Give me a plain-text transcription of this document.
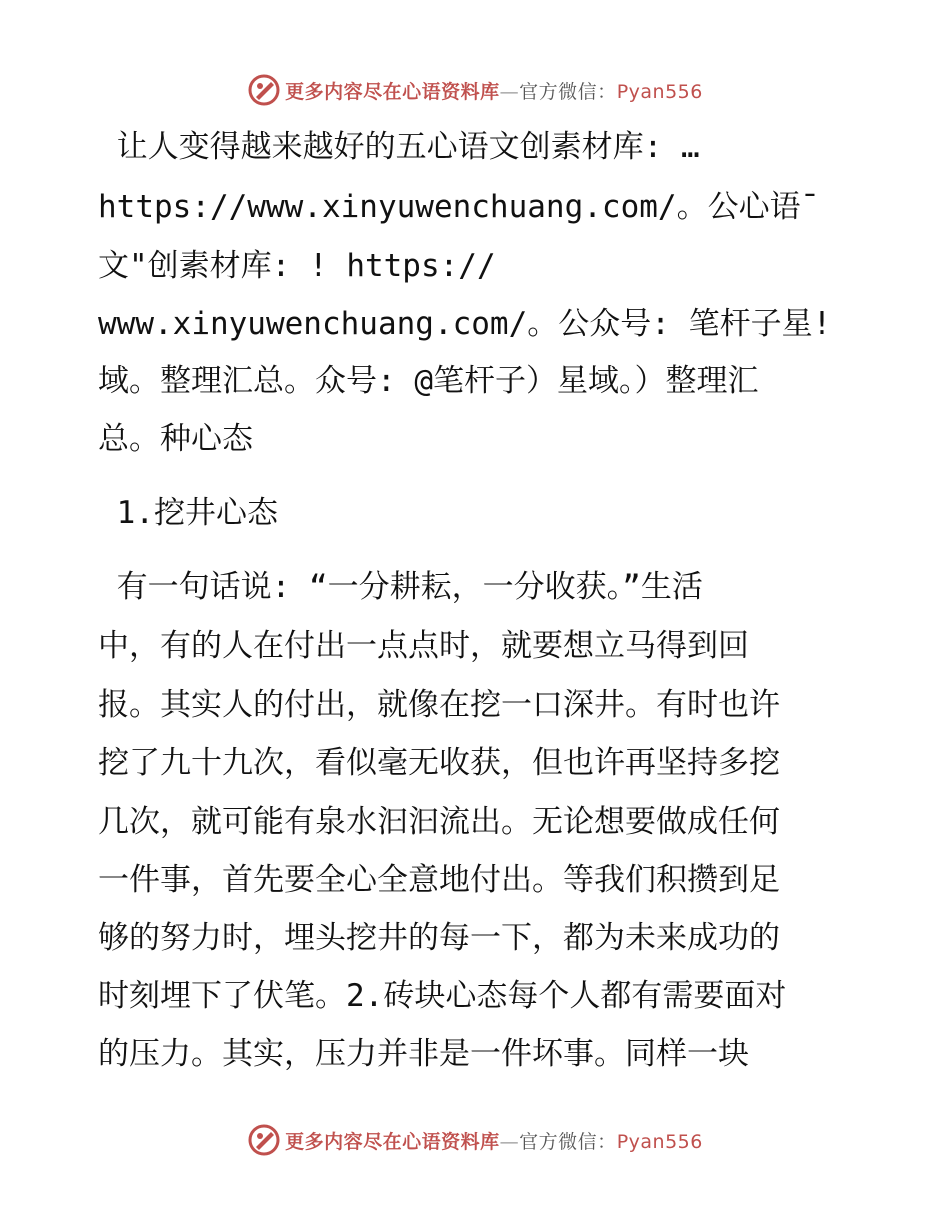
更多内容尽在心语资料库—官方微信：Pyan556
让人变得越来越好的五心语文创素材库: …
https://www.xinyuwenchuang.com/。公心语¯
文"创素材库: ! https://
www.xinyuwenchuang.com/。公众号: 笔杆子星!
域。整理汇总。众号: @笔杆子）星域。）整理汇
总。种心态
1.挖井心态
有一句话说: “一分耕耘，一分收获。”生活
中，有的人在付出一点点时，就要想立马得到回
报。其实人的付出，就像在挖一口深井。有时也许
挖了九十九次，看似毫无收获，但也许再坚持多挖
几次，就可能有泉水汩汩流出。无论想要做成任何
一件事，首先要全心全意地付出。等我们积攒到足
够的努力时，埋头挖井的每一下，都为未来成功的
时刻埋下了伏笔。2.砖块心态每个人都有需要面对
的压力。其实，压力并非是一件坏事。同样一块
更多内容尽在心语资料库—官方微信：Pyan556
